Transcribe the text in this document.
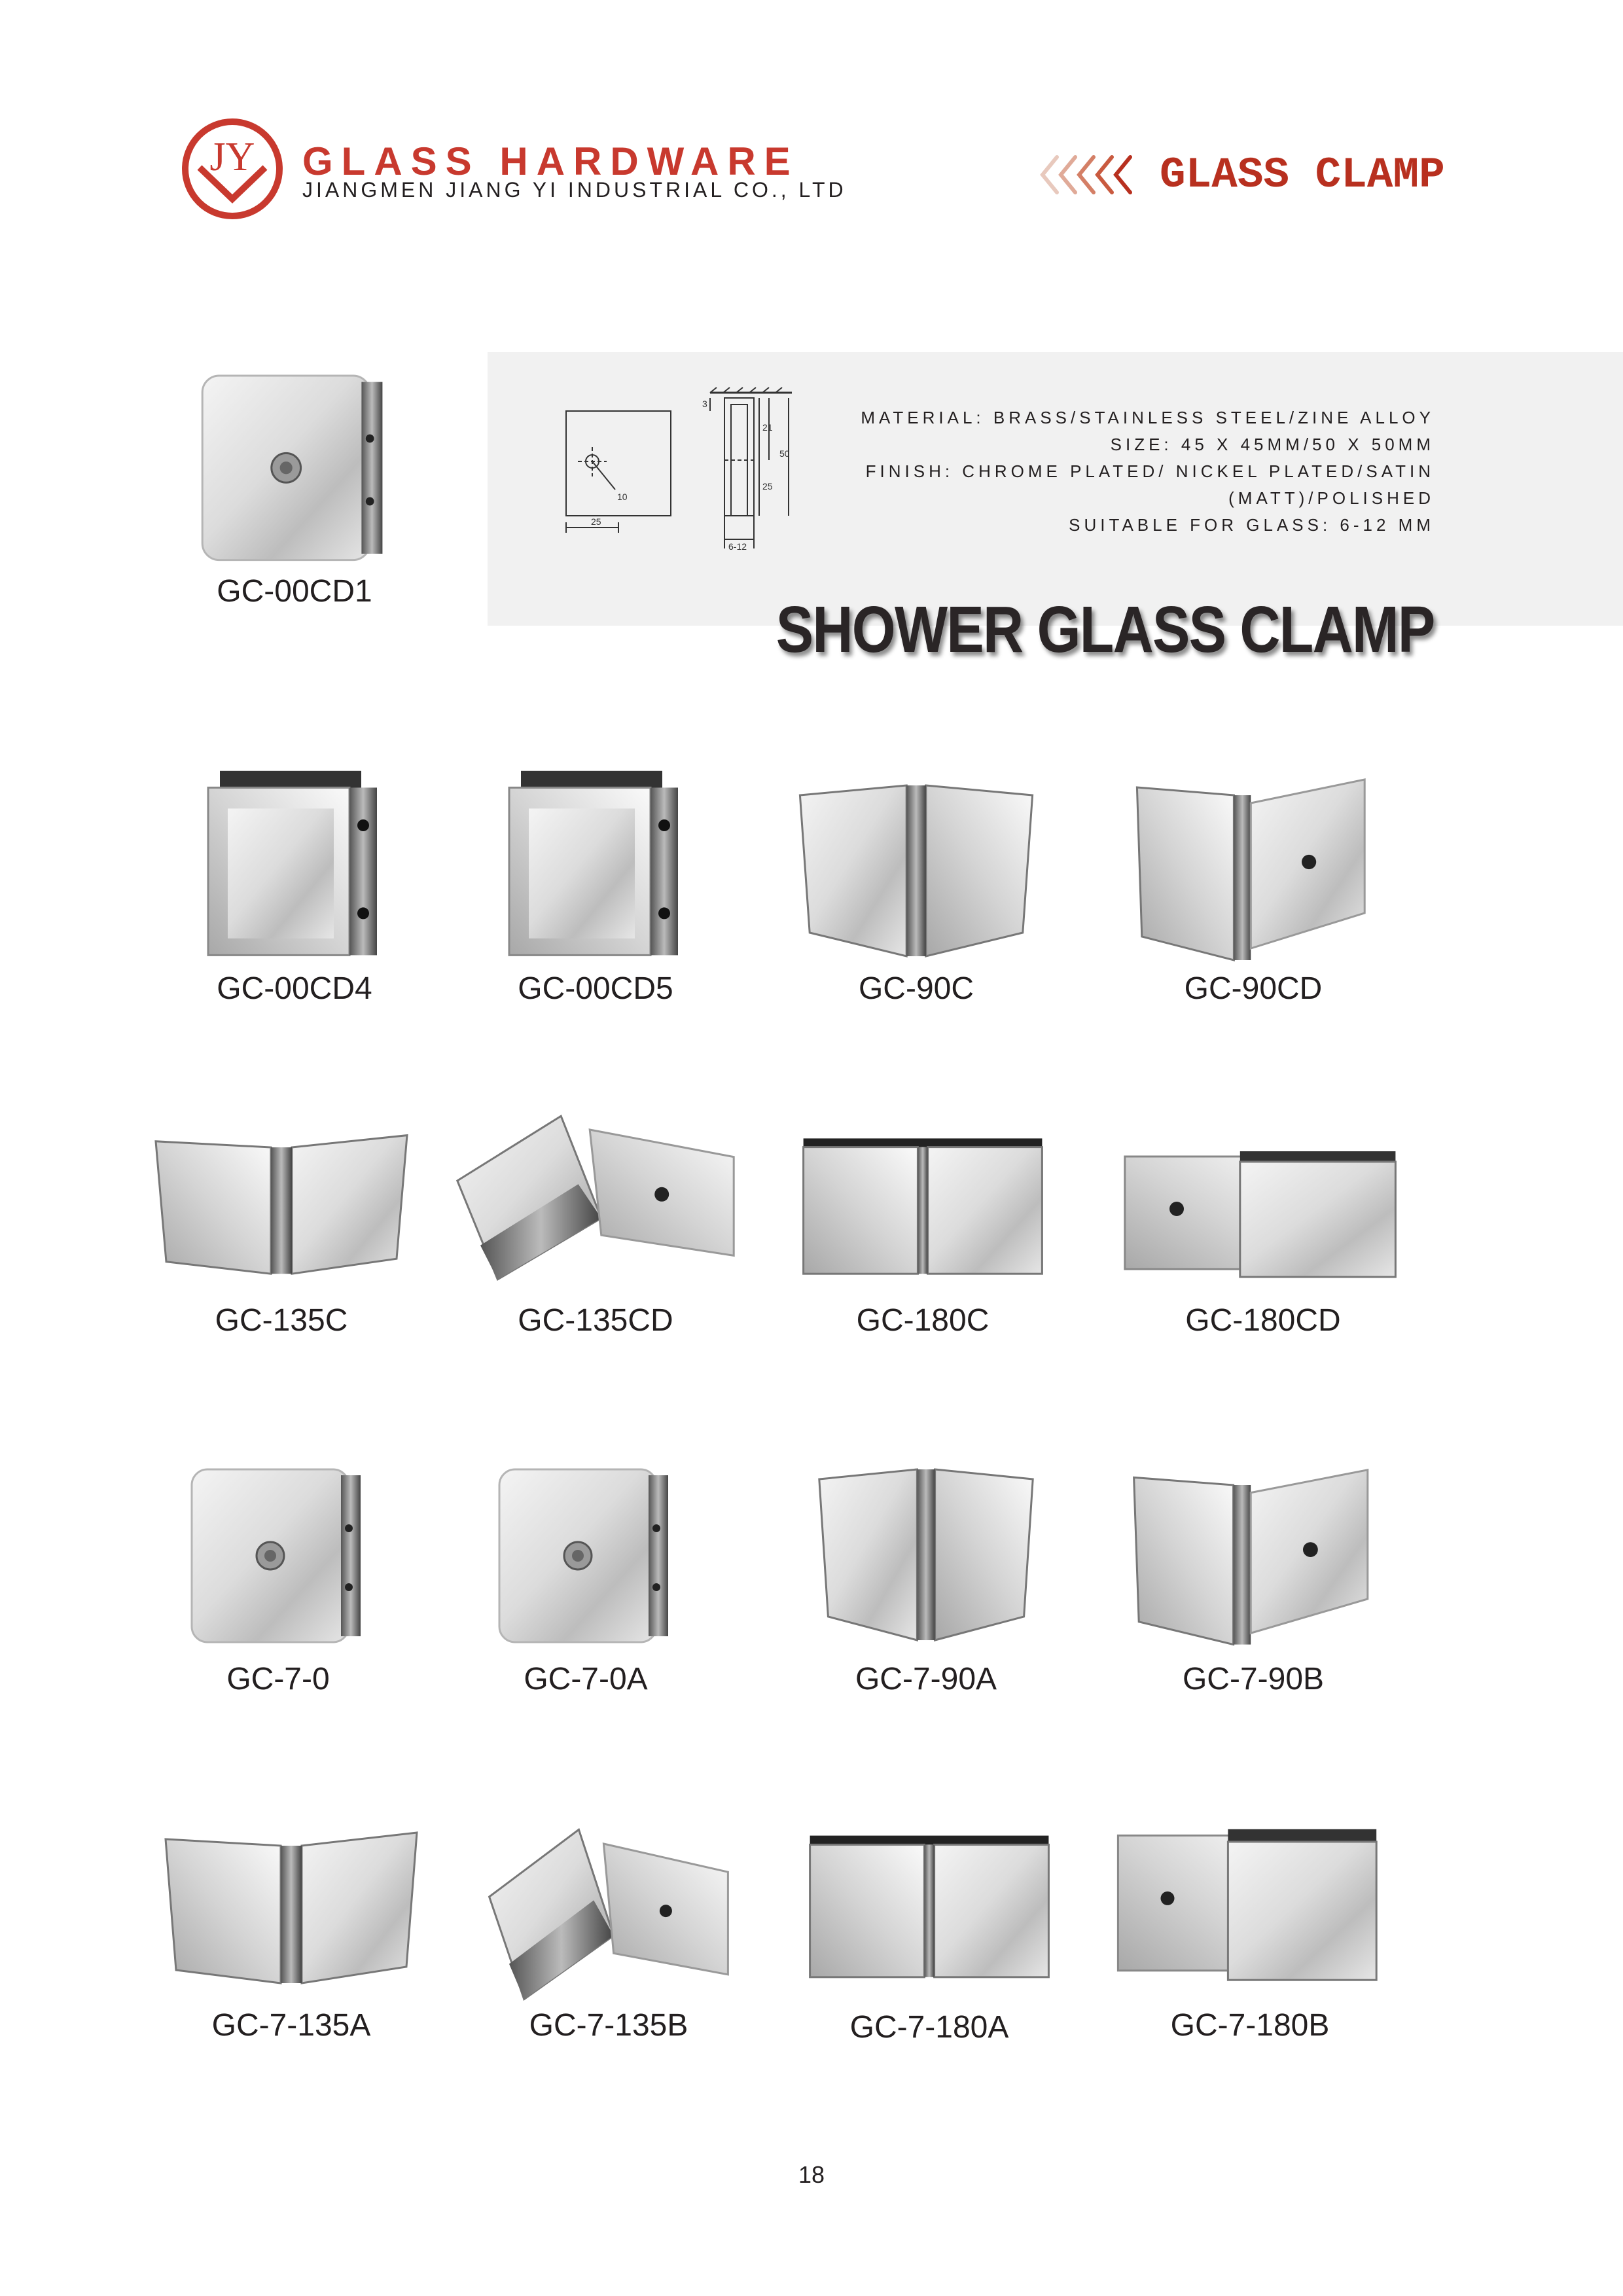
JY GLASS HARDWARE
JIANGMEN JIANG YI INDUSTRIAL CO., LTD	GLASS CLAMP
25
10
3
21
50
25
6-12
MATERIAL: BRASS/STAINLESS STEEL/ZINE ALLOY
SIZE: 45 X 45MM/50 X 50MM
FINISH: CHROME PLATED/ NICKEL PLATED/SATIN
(MATT)/POLISHED
SUITABLE FOR GLASS: 6-12 MM
SHOWER GLASS CLAMP
GC-00CD1
GC-00CD4	GC-00CD5	GC-90C	GC-90CD
GC-135C	GC-135CD	GC-180C	GC-180CD
GC-7-0	GC-7-0A	GC-7-90A	GC-7-90B
GC-7-135A	GC-7-135B	GC-7-180A	GC-7-180B
18
